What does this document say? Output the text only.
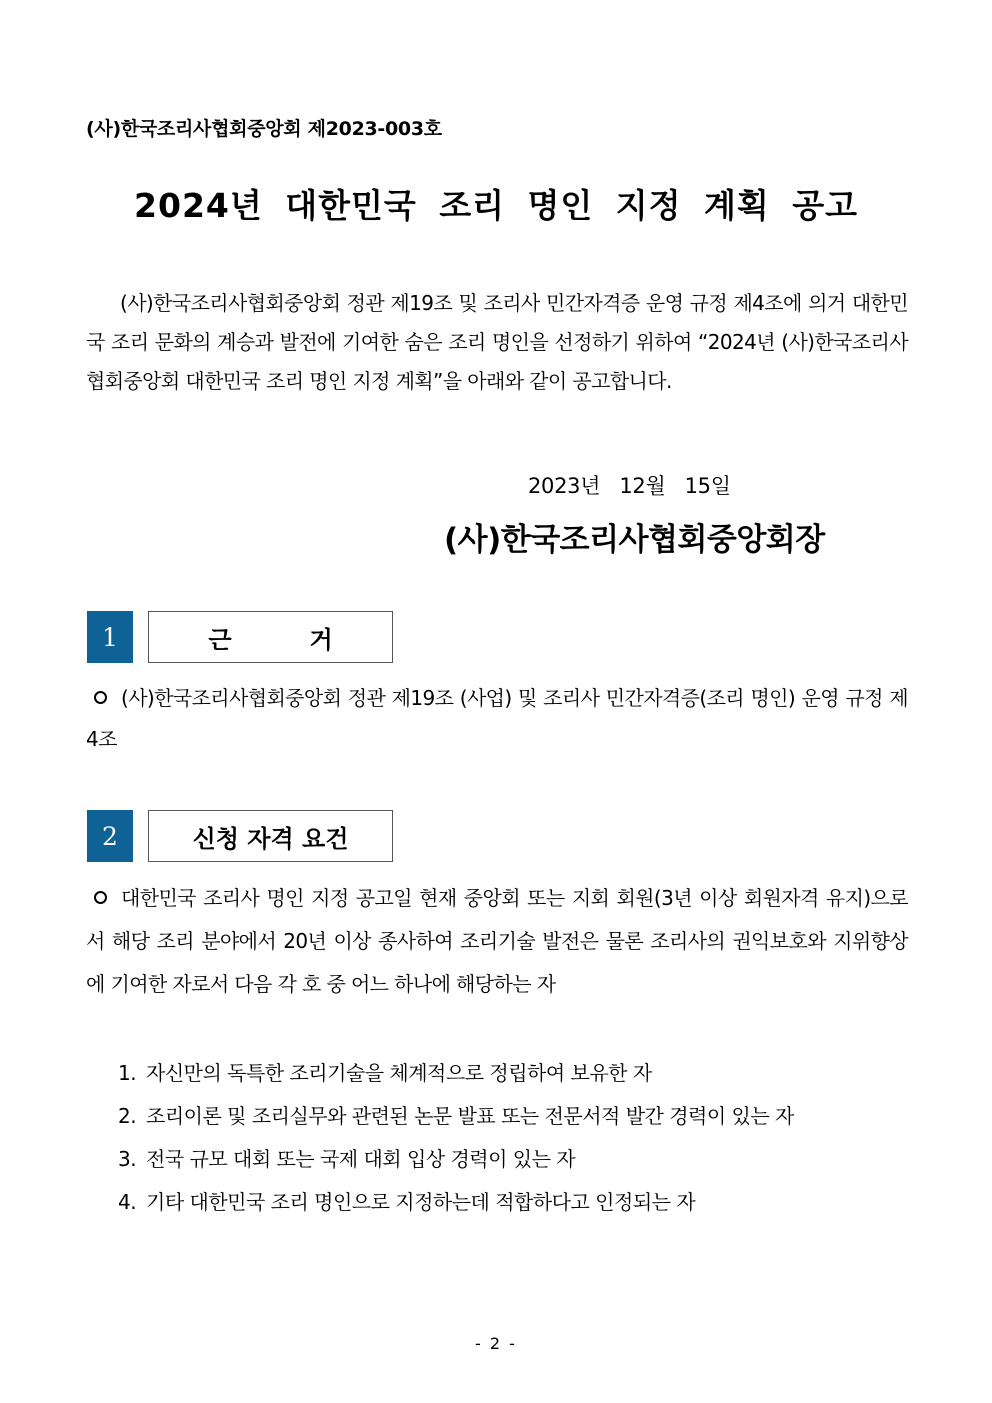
(사)한국조리사협회중앙회 제2023-003호
2024년 대한민국 조리 명인 지정 계획 공고
(사)한국조리사협회중앙회 정관 제19조 및 조리사 민간자격증 운영 규정 제4조에 의거 대한민국 조리 문화의 계승과 발전에 기여한 숨은 조리 명인을 선정하기 위하여 “2024년 (사)한국조리사협회중앙회 대한민국 조리 명인 지정 계획”을 아래와 같이 공고합니다.
2023년   12월   15일
(사)한국조리사협회중앙회장
1	근	거
(사)한국조리사협회중앙회 정관 제19조 (사업) 및 조리사 민간자격증(조리 명인) 운영 규정 제4조
2	신청 자격 요건
대한민국 조리사 명인 지정 공고일 현재 중앙회 또는 지회 회원(3년 이상 회원자격 유지)으로서 해당 조리 분야에서 20년 이상 종사하여 조리기술 발전은 물론 조리사의 권익보호와 지위향상에 기여한 자로서 다음 각 호 중 어느 하나에 해당하는 자
1. 자신만의 독특한 조리기술을 체계적으로 정립하여 보유한 자
2. 조리이론 및 조리실무와 관련된 논문 발표 또는 전문서적 발간 경력이 있는 자
3. 전국 규모 대회 또는 국제 대회 입상 경력이 있는 자
4. 기타 대한민국 조리 명인으로 지정하는데 적합하다고 인정되는 자
- 2 -
